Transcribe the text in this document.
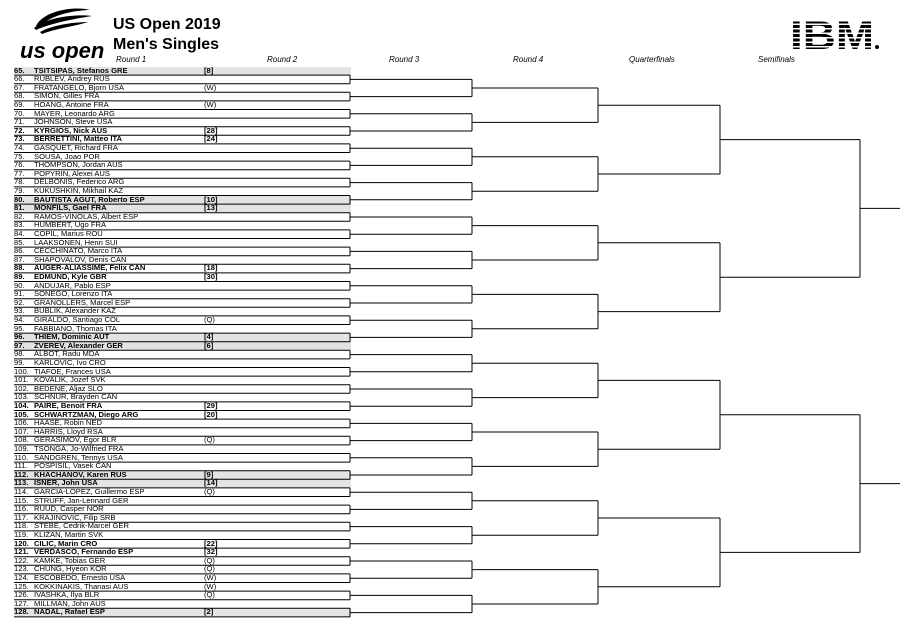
us open
US Open 2019
Men's Singles	IBM
Round 1	Round 2	Round 3	Round 4	Quarterfinals	Semifinals
65.	TSITSIPAS, Stefanos GRE	[8]
66.	RUBLEV, Andrey RUS
67.	FRATANGELO, Bjorn USA	(W)
68.	SIMON, Gilles FRA
69.	HOANG, Antoine FRA	(W)
70.	MAYER, Leonardo ARG
71.	JOHNSON, Steve USA
72.	KYRGIOS, Nick AUS	[28]
73.	BERRETTINI, Matteo ITA	[24]
74.	GASQUET, Richard FRA
75.	SOUSA, Joao POR
76.	THOMPSON, Jordan AUS
77.	POPYRIN, Alexei AUS
78.	DELBONIS, Federico ARG
79.	KUKUSHKIN, Mikhail KAZ
80.	BAUTISTA AGUT, Roberto ESP	[10]
81.	MONFILS, Gael FRA	[13]
82.	RAMOS-VINOLAS, Albert ESP
83.	HUMBERT, Ugo FRA
84.	COPIL, Marius ROU
85.	LAAKSONEN, Henri SUI
86.	CECCHINATO, Marco ITA
87.	SHAPOVALOV, Denis CAN
88.	AUGER-ALIASSIME, Felix CAN	[18]
89.	EDMUND, Kyle GBR	[30]
90.	ANDUJAR, Pablo ESP
91.	SONEGO, Lorenzo ITA
92.	GRANOLLERS, Marcel ESP
93.	BUBLIK, Alexander KAZ
94.	GIRALDO, Santiago COL	(Q)
95.	FABBIANO, Thomas ITA
96.	THIEM, Dominic AUT	[4]
97.	ZVEREV, Alexander GER	[6]
98.	ALBOT, Radu MDA
99.	KARLOVIC, Ivo CRO
100. TIAFOE, Frances USA
101. KOVALIK, Jozef SVK
102. BEDENE, Aljaz SLO
103. SCHNUR, Brayden CAN
104. PAIRE, Benoit FRA	[29]
105. SCHWARTZMAN, Diego ARG	[20]
106. HAASE, Robin NED
107. HARRIS, Lloyd RSA
108. GERASIMOV, Egor BLR	(Q)
109. TSONGA, Jo-Wilfried FRA
110. SANDGREN, Tennys USA
111. POSPISIL, Vasek CAN
112. KHACHANOV, Karen RUS	[9]
113. ISNER, John USA	[14]
114. GARCIA-LOPEZ, Guillermo ESP	(Q)
115. STRUFF, Jan-Lennard GER
116. RUUD, Casper NOR
117. KRAJINOVIC, Filip SRB
118. STEBE, Cedrik-Marcel GER
119. KLIZAN, Martin SVK
120. CILIC, Marin CRO	[22]
121. VERDASCO, Fernando ESP	[32]
122. KAMKE, Tobias GER	(Q)
123. CHUNG, Hyeon KOR	(Q)
124. ESCOBEDO, Ernesto USA	(W)
125. KOKKINAKIS, Thanasi AUS	(W)
126. IVASHKA, Ilya BLR	(Q)
127. MILLMAN, John AUS
128. NADAL, Rafael ESP	[2]
